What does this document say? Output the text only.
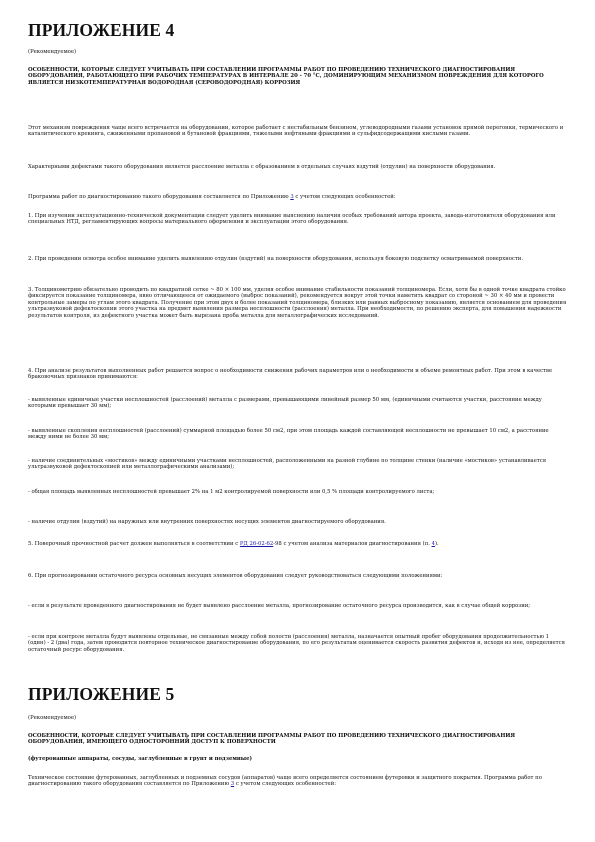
ПРИЛОЖЕНИЕ 4

(Рекомендуемое)

ОСОБЕННОСТИ, КОТОРЫЕ СЛЕДУЕТ УЧИТЫВАТЬ ПРИ СОСТАВЛЕНИИ ПРОГРАММЫ РАБОТ ПО ПРОВЕДЕНИЮ ТЕХНИЧЕСКОГО ДИАГНОСТИРОВАНИЯ ОБОРУДОВАНИЯ, РАБОТАЮЩЕГО ПРИ РАБОЧИХ ТЕМПЕРАТУРАХ В ИНТЕРВАЛЕ 20 - 70 °С, ДОМИНИРУЮЩИМ МЕХАНИЗМОМ ПОВРЕЖДЕНИЯ ДЛЯ КОТОРОГО ЯВЛЯЕТСЯ НИЗКОТЕМПЕРАТУРНАЯ ВОДОРОДНАЯ (СЕРОВОДОРОДНАЯ) КОРРОЗИЯ

Этот механизм повреждения чаще всего встречается на оборудовании, которое работает с нестабильным бензином, углеводородными газами установок прямой перегонки, термического и каталитического крекинга, сжиженными пропановой и бутановой фракциями, тяжелыми нефтяными фракциями и сульфидсодержащими кислыми газами.

Характерными дефектами такого оборудования является расслоение металла с образованием в отдельных случаях вздутий (отдулин) на поверхности оборудования.

Программа работ по диагностированию такого оборудования составляется по Приложению 3 с учетом следующих особенностей:

1. При изучении эксплуатационно-технической документации следует уделить внимание выяснению наличия особых требований автора проекта, завода-изготовителя оборудования или специальных НТД, регламентирующих вопросы материального оформления и эксплуатации этого оборудования.

2. При проведении осмотра особое внимание уделить выявлению отдулин (вздутий) на поверхности оборудования, используя боковую подсветку осматриваемой поверхности.

3. Толщинометрию обязательно проводить по квадратной сетке ~ 80 × 100 мм, уделяя особое внимание стабильности показаний толщиномера. Если, хотя бы в одной точке квадрата стойко фиксируется показание толщиномера, явно отличающееся от ожидаемого (выброс показаний), рекомендуется вокруг этой точки наметить квадрат со стороной ~ 30 × 40 мм и провести контрольные замеры по углам этого квадрата. Получение при этом двух и более показаний толщиномера, близких или равных выбросному показанию, является основанием для проведения ультразвуковой дефектоскопии этого участка на предмет выявления размера несплошности (расслоения) металла. При необходимости, по решению эксперта, для повышения надежности результатов контроля, из дефектного участка может быть вырезана проба металла для металлографических исследований.

4. При анализе результатов выполненных работ решается вопрос о необходимости снижения рабочих параметров или о необходимости и объеме ремонтных работ. При этом в качестве браковочных признаков принимаются:

- выявленные единичные участки несплошностей (расслоений) металла с размерами, превышающими линейный размер 50 мм, (единичными считаются участки, расстояние между которыми превышает 30 мм);

- выявленные скопления несплошностей (расслоений) суммарной площадью более 50 см2, при этом площадь каждой составляющей несплошности не превышает 10 см2, а расстояние между ними не более 30 мм;

- наличие соединительных «мостиков» между единичными участками несплошностей, расположенными на разной глубине по толщине стенки (наличие «мостиков» устанавливается ультразвуковой дефектоскопией или металлографическими анализами);

- общая площадь выявленных несплошностей превышает 2% на 1 м2 контролируемой поверхности или 0,5 % площади контролируемого листа;

- наличие отдулин (вздутий) на наружных или внутренних поверхностях несущих элементов диагностируемого оборудования.

5. Поверочный прочностной расчет должен выполняться в соответствии с РД 26-02-62-98 с учетом анализа материалов диагностирования (п. 4).

6. При прогнозировании остаточного ресурса основных несущих элементов оборудования следует руководствоваться следующими положениями:

- если в результате проведенного диагностирования не будет выявлено расслоение металла, прогнозирование остаточного ресурса производится, как в случае общей коррозии;

- если при контроле металла будут выявлены отдельные, не связанные между собой полости (расслоения) металла, назначается опытный пробег оборудования продолжительностью 1 (один) - 2 (два) года, затем проводится повторное техническое диагностирование оборудования, по его результатам оценивается скорость развития дефектов и, исходя из нее, определяется остаточный ресурс оборудования.

ПРИЛОЖЕНИЕ 5

(Рекомендуемое)

ОСОБЕННОСТИ, КОТОРЫЕ СЛЕДУЕТ УЧИТЫВАТЬ ПРИ СОСТАВЛЕНИИ ПРОГРАММЫ РАБОТ ПО ПРОВЕДЕНИЮ ТЕХНИЧЕСКОГО ДИАГНОСТИРОВАНИЯ ОБОРУДОВАНИЯ, ИМЕЮЩЕГО ОДНОСТОРОННИЙ ДОСТУП К ПОВЕРХНОСТИ

(футерованные аппараты, сосуды, заглубленные в грунт и подземные)

Техническое состояние футерованных, заглубленных и подземных сосудов (аппаратов) чаще всего определяется состоянием футеровки и защитного покрытия. Программа работ по диагностированию такого оборудования составляется по Приложению 3 с учетом следующих особенностей:
